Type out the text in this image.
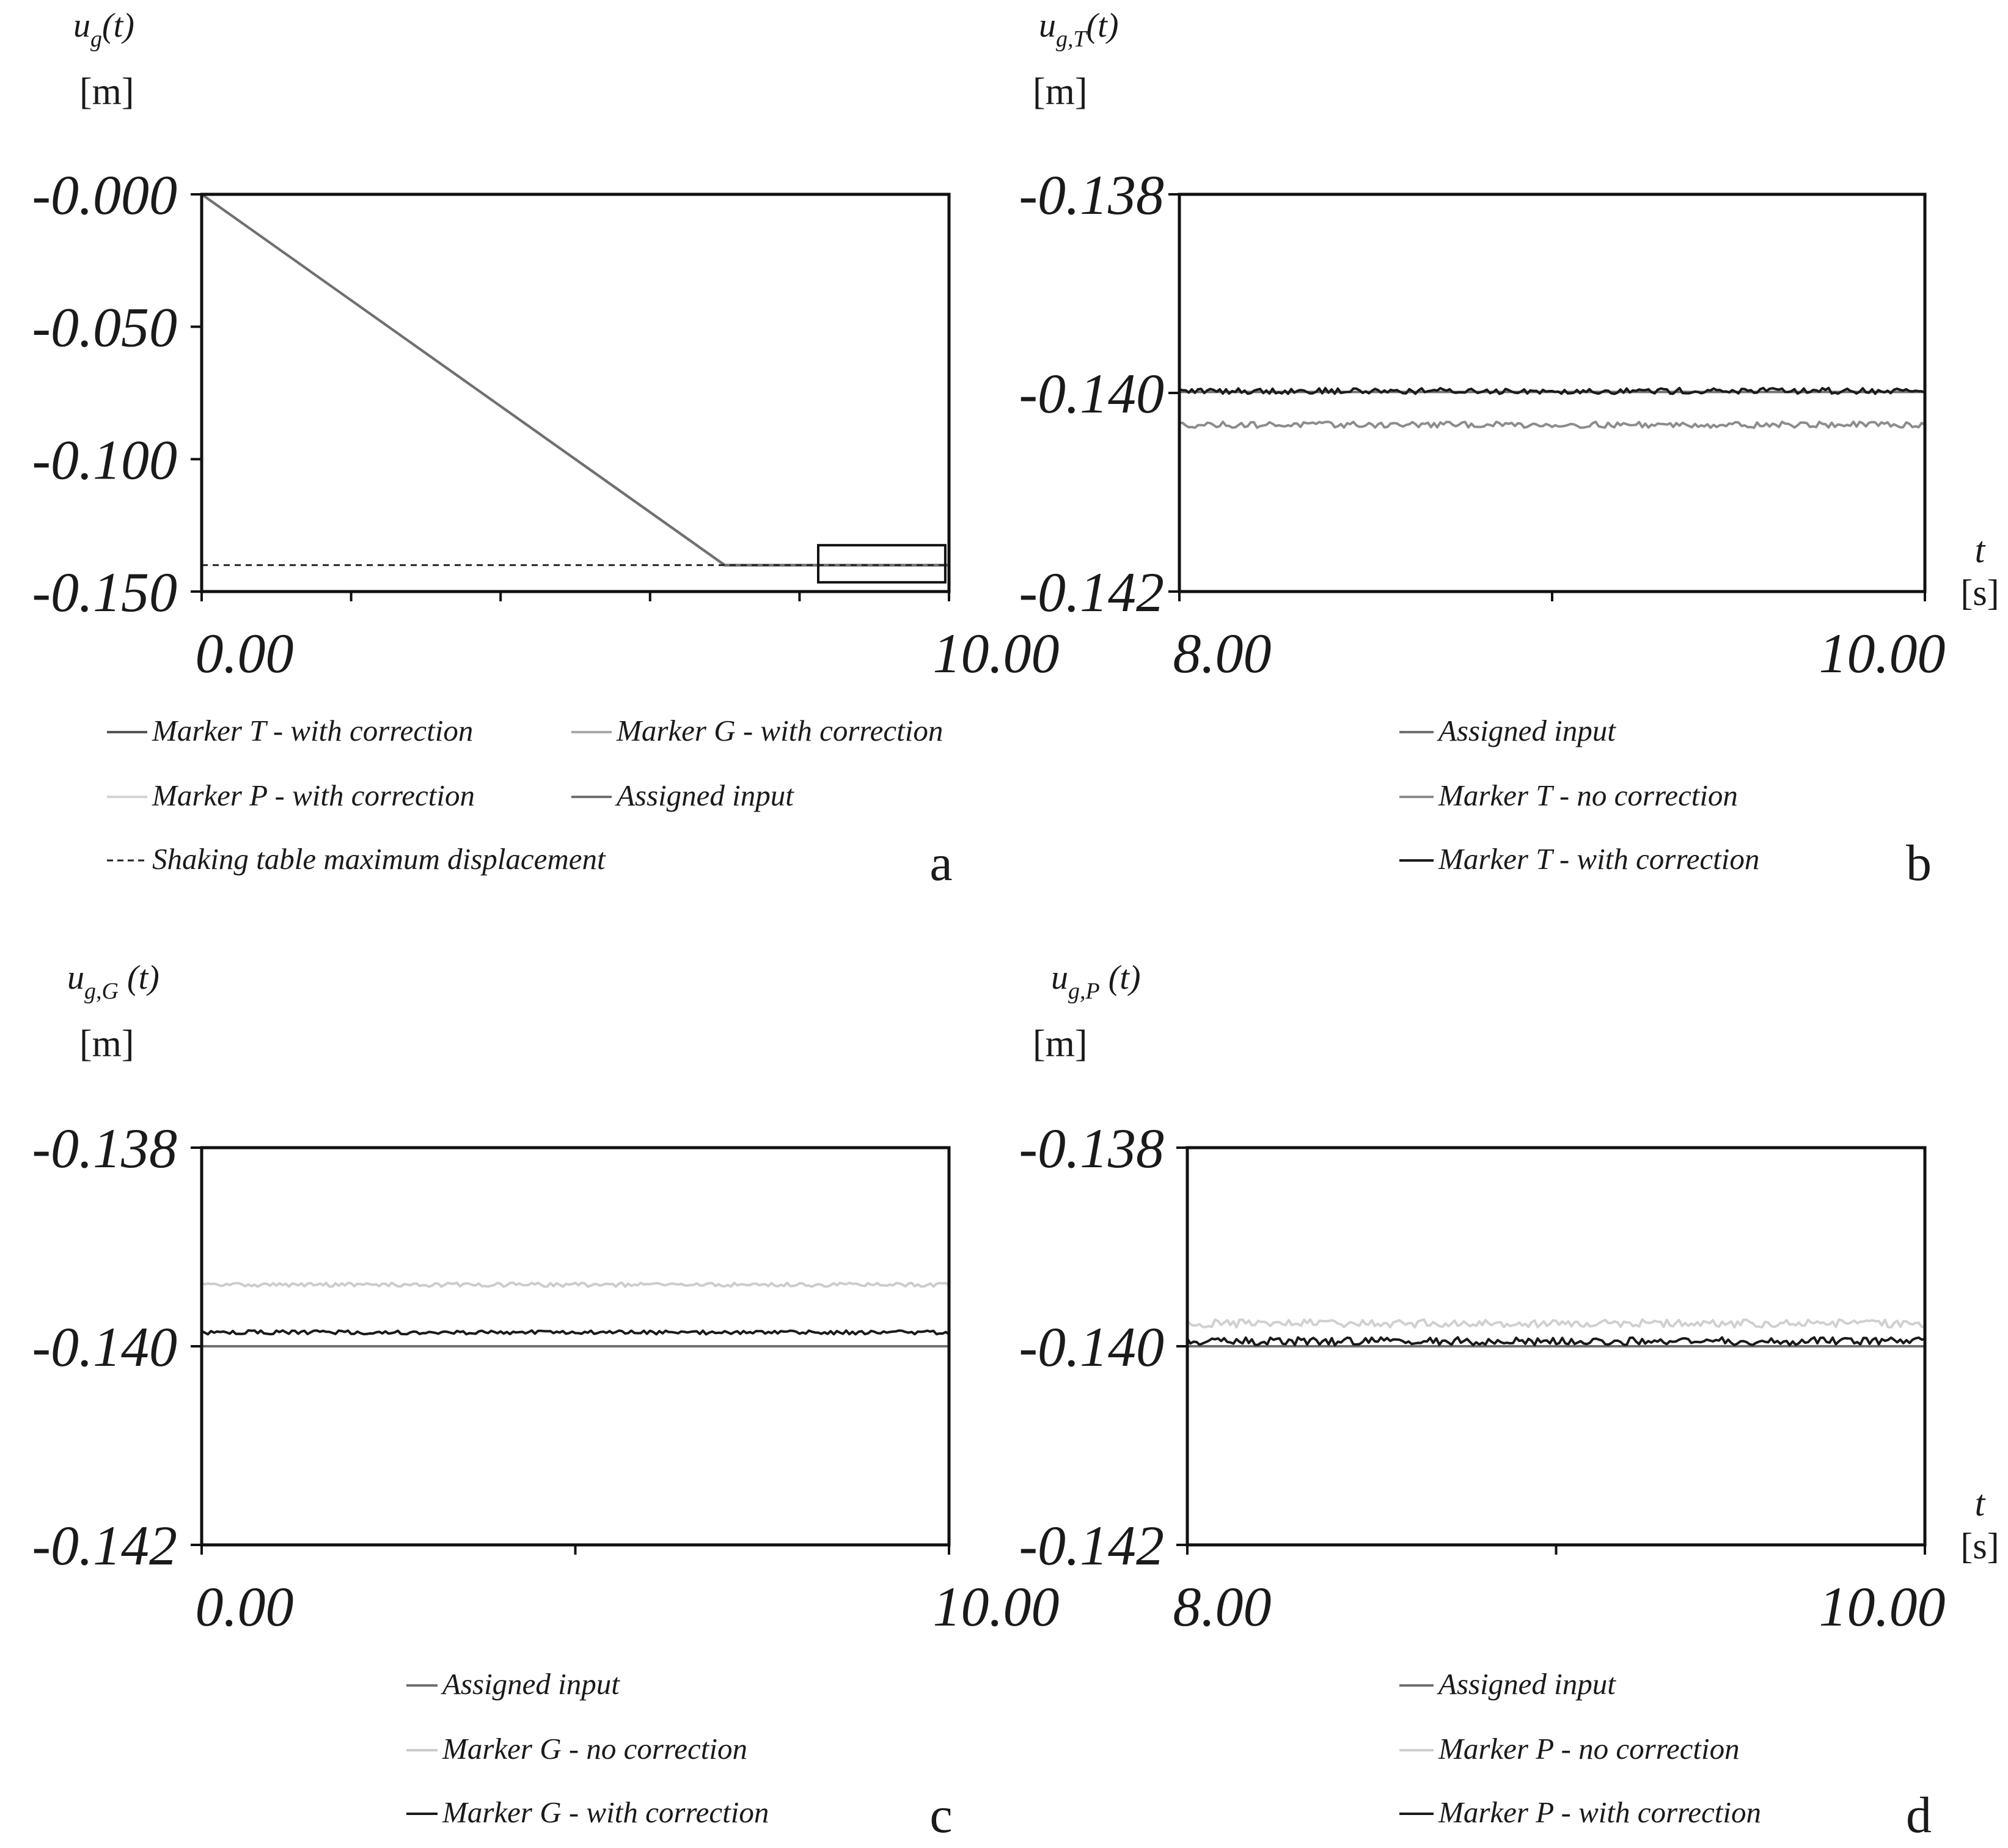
$u_g(t)$
[m]
-0.000
-0.050
-0.100
-0.150
0.00	10.00
Marker T - with correction
Marker P - with correction
Marker G - with correction
Assigned input
Shaking table maximum displacement	a
$u_{g,T}(t)$
[m]
t
[s]
-0.138
-0.140
-0.142
8.00	10.00
Assigned input
Marker T - no correction
Marker T - with correction	b
$u_{g,G}$ (t)
[m]
-0.138
-0.140
-0.142
0.00	10.00
Assigned input
Marker G - no correction
Marker G - with correction	c
$u_{g,P}$ (t)
[m]
t
[s]
-0.138
-0.140
-0.142
8.00	10.00
Assigned input
Marker P - no correction
Marker P - with correction	d
